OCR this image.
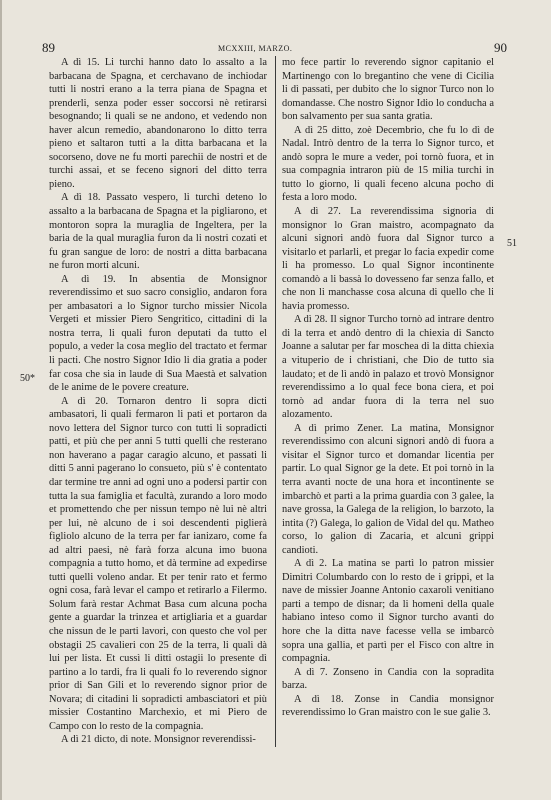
89	MCXXIII, MARZO.	90

A dì 15. Li turchi hanno dato lo assalto a la barbacana de Spagna, et cerchavano de inchiodar tutti li nostri erano a la terra piana de Spagna et prenderli, senza poder esser soccorsi nè retirarsi besognando; li quali se ne andono, et vedendo non haver alcun remedio, abandonarono lo ditto terra pieno et saltaron tutti a la ditta barbacana et la socorseno, dove ne fu morti parechii de nostri et de turchi assai, et se feceno signori del ditto terra pieno.

A dì 18. Passato vespero, li turchi deteno lo assalto a la barbacana de Spagna et la pigliarono, et montoron sopra la muraglia de Ingeltera, per la baria de la qual muraglia furon da li nostri cozati et fu gran sangue de loro: de nostri a ditta barbacana ne furon morti alcuni.

A dì 19. In absentia de Monsignor reverendissimo et suo sacro consiglio, andaron fora per ambasatori a lo Signor turcho missier Nicola Vergeti et missier Piero Sengritico, cittadini di la nostra terra, li quali furon deputati da tutto el populo, a veder la cosa meglio del tractato et fermar li pacti. Che nostro Signor Idio li dia gratia a poder far cosa che sia in laude di Sua Maestà et salvation de le anime de le povere creature.

A dì 20. Tornaron dentro li sopra dicti ambasatori, li quali fermaron li pati et portaron da novo lettera del Signor turco con tutti li sopradicti patti, et più che per anni 5 tutti quelli che resterano non haverano a pagar caragio alcuno, et passati li ditti 5 anni pagerano lo consueto, più s' è contentato dar termine tre anni ad ogni uno a podersi partir con tutta la sua famiglia et facultà, zurando a loro modo et promettendo che per nissun tempo nè lui nè altri per lui, nè alcuno de i soi descendenti piglierà figliolo alcuno de la terra per far ianizaro, come fa ad altri paesi, nè farà forza alcuna imo buona compagnia a tutto homo, et dà termine ad expedirse tutti quelli voleno andar. Et per tenir rato et fermo ogni cosa, farà levar el campo et retirarlo a Filermo. Solum farà restar Achmat Basa cum alcuna pocha gente a guardar la trinzea et artigliaria et a guardar che nissun de le parti lavori, con questo che vol per obstagii 25 cavalieri con 25 de la terra, li quali dà lui per lista. Et cussì li ditti ostagii lo presente dì partino a lo tardi, fra li quali fo lo reverendo signor prior di San Gili et lo reverendo signor prior de Novara; di citadini li sopradicti ambasciatori et più missier Costantino Marchexio, et mi Piero de Campo con lo resto de la compagnia.

A dì 21 dicto, di note. Monsignor reverendissi-

mo fece partir lo reverendo signor capitanio el Martinengo con lo bregantino che vene di Cicilia li dì passati, per dubito che lo signor Turco non lo domandasse. Che nostro Signor Idio lo conducha a bon salvamento per sua santa gratia.

A dì 25 ditto, zoè Decembrio, che fu lo dì de Nadal. Intrò dentro de la terra lo Signor turco, et andò sopra le mure a veder, poi tornò fuora, et in sua compagnia intraron più de 15 milia turchi in tutto lo giorno, li quali feceno alcuna pocho di festa a loro modo.

A dì 27. La reverendissima signoria di monsignor lo Gran maistro, acompagnato da alcuni signori andò fuora dal Signor turco a visitarlo et parlarli, et pregar lo facia expedir come li ha promesso. Lo qual Signor incontinente comandò a li bassà lo dovesseno far senza fallo, et che non li manchasse cosa alcuna di quello che li havia promesso.

A dì 28. Il signor Turcho tornò ad intrare dentro di la terra et andò dentro di la chiexia di Sancto Joanne a salutar per far moschea di la ditta chiexia a vituperio de i christiani, che Dio de tutto sia laudato; et de lì andò in palazo et trovò Monsignor reverendissimo a lo qual fece bona ciera, et poi tornò ad andar fuora di la terra nel suo alozamento.

A dì primo Zener. La matina, Monsignor reverendissimo con alcuni signori andò di fuora a visitar el Signor turco et domandar licentia per partir. Lo qual Signor ge la dete. Et poi tornò in la terra avanti nocte de una hora et incontinente se imbarchò et partì a la prima guardia con 3 galee, la nave grossa, la Galega de la religion, lo barzoto, la intita (?) Galega, lo galion de Vidal del qu. Matheo corso, lo galion di Zacaria, et alcuni grippi candioti.

A dì 2. La matina se partì lo patron missier Dimitri Columbardo con lo resto de i grippi, et la nave de missier Joanne Antonio caxaroli venitiano parti a tempo de disnar; da li homeni della quale habiano inteso como il Signor turcho avanti do hore che la ditta nave facesse vella se imbarcò sopra una gallia, et partì per el Fisco con altre in compagnia.

A dì 7. Zonseno in Candia con la sopradita barza.

A dì 18. Zonse in Candia monsignor reverendissimo lo Gran maistro con le sue galie 3.

50*
51
